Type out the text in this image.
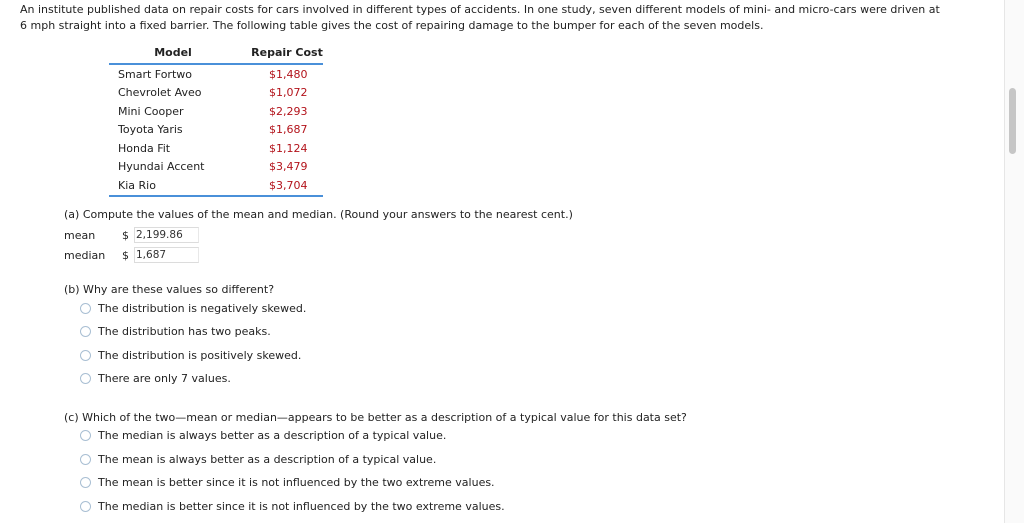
An institute published data on repair costs for cars involved in different types of accidents. In one study, seven different models of mini- and micro-cars were driven at

6 mph straight into a fixed barrier. The following table gives the cost of repairing damage to the bumper for each of the seven models.

Model	Repair Cost
Smart Fortwo	$1,480
Chevrolet Aveo	$1,072
Mini Cooper	$2,293
Toyota Yaris	$1,687
Honda Fit	$1,124
Hyundai Accent	$3,479
Kia Rio	$3,704

(a) Compute the values of the mean and median. (Round your answers to the nearest cent.)

mean	$ 2,199.86
median	$ 1,687

(b) Why are these values so different?

The distribution is negatively skewed.
The distribution has two peaks.
The distribution is positively skewed.
There are only 7 values.

(c) Which of the two—mean or median—appears to be better as a description of a typical value for this data set?

The median is always better as a description of a typical value.
The mean is always better as a description of a typical value.
The mean is better since it is not influenced by the two extreme values.
The median is better since it is not influenced by the two extreme values.
